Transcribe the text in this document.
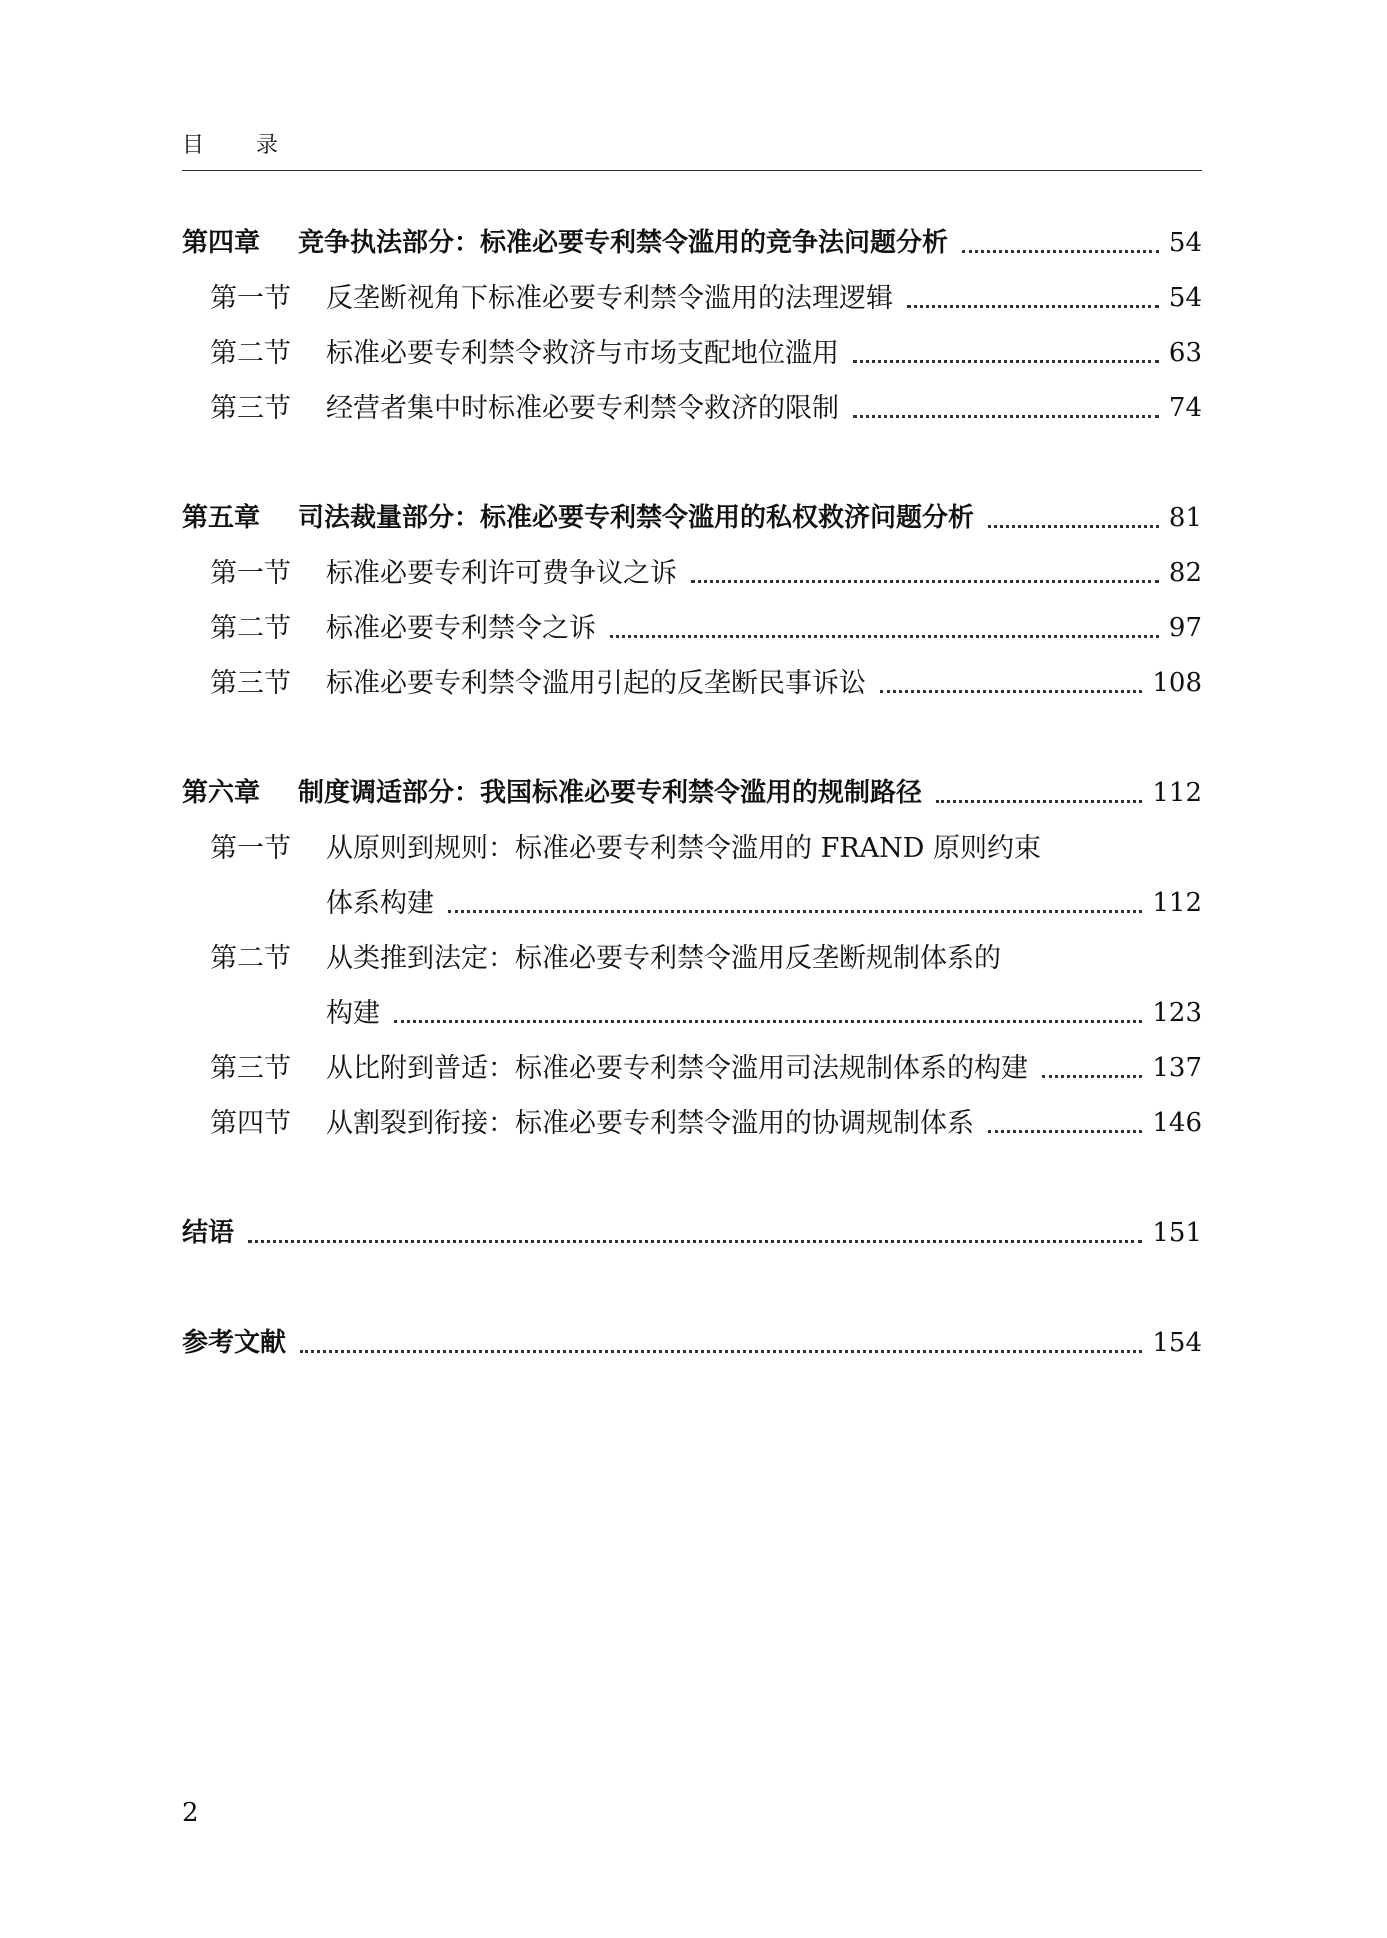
目 录
第四章	竞争执法部分：标准必要专利禁令滥用的竞争法问题分析	54
第一节	反垄断视角下标准必要专利禁令滥用的法理逻辑	54
第二节	标准必要专利禁令救济与市场支配地位滥用	63
第三节	经营者集中时标准必要专利禁令救济的限制	74
第五章	司法裁量部分：标准必要专利禁令滥用的私权救济问题分析	81
第一节	标准必要专利许可费争议之诉	82
第二节	标准必要专利禁令之诉	97
第三节	标准必要专利禁令滥用引起的反垄断民事诉讼	108
第六章	制度调适部分：我国标准必要专利禁令滥用的规制路径	112
第一节	从原则到规则：标准必要专利禁令滥用的 FRAND 原则约束
体系构建	112
第二节	从类推到法定：标准必要专利禁令滥用反垄断规制体系的
构建	123
第三节	从比附到普适：标准必要专利禁令滥用司法规制体系的构建	137
第四节	从割裂到衔接：标准必要专利禁令滥用的协调规制体系	146
结语	151
参考文献	154
2
